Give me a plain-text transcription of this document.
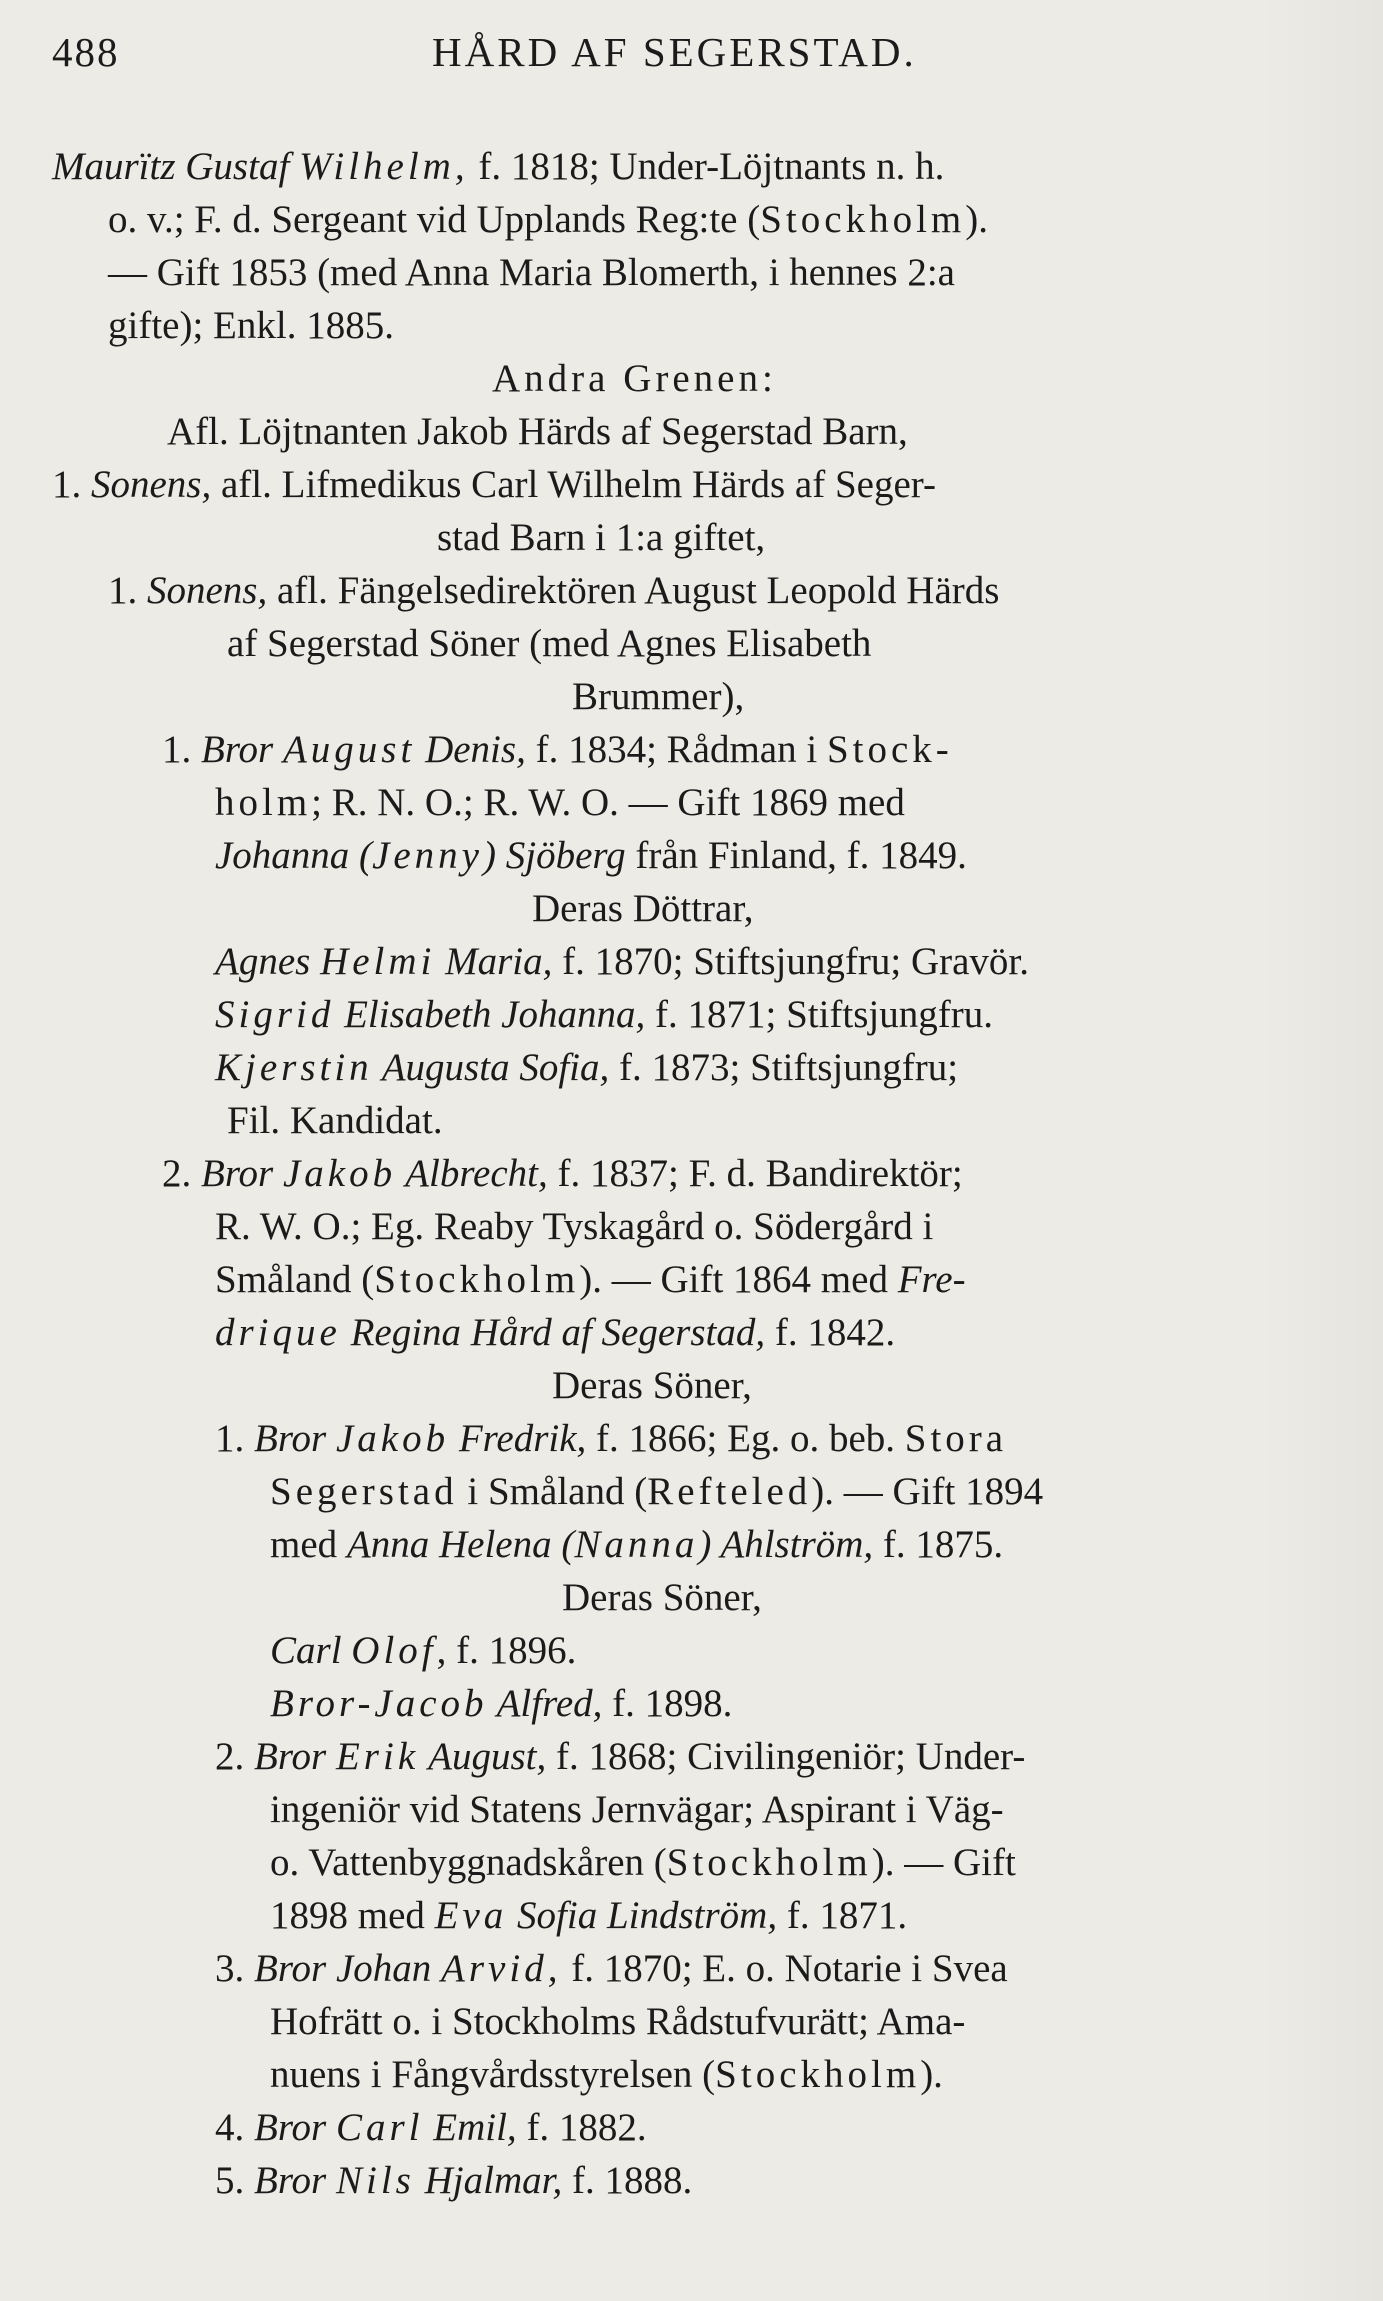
488	HÅRD AF SEGERSTAD.
Maurïtz Gustaf Wilhelm, f. 1818; Under-Löjtnants n. h.
o. v.; F. d. Sergeant vid Upplands Reg:te (Stockholm).
— Gift 1853 (med Anna Maria Blomerth, i hennes 2:a
gifte); Enkl. 1885.
Andra Grenen:
Afl. Löjtnanten Jakob Härds af Segerstad Barn,
1. Sonens, afl. Lifmedikus Carl Wilhelm Härds af Seger-
stad Barn i 1:a giftet,
1. Sonens, afl. Fängelsedirektören August Leopold Härds
af Segerstad Söner (med Agnes Elisabeth
Brummer),
1. Bror August Denis, f. 1834; Rådman i Stock-
holm; R. N. O.; R. W. O. — Gift 1869 med
Johanna (Jenny) Sjöberg från Finland, f. 1849.
Deras Döttrar,
Agnes Helmi Maria, f. 1870; Stiftsjungfru; Gravör.
Sigrid Elisabeth Johanna, f. 1871; Stiftsjungfru.
Kjerstin Augusta Sofia, f. 1873; Stiftsjungfru;
Fil. Kandidat.
2. Bror Jakob Albrecht, f. 1837; F. d. Bandirektör;
R. W. O.; Eg. Reaby Tyskagård o. Södergård i
Småland (Stockholm). — Gift 1864 med Fre-
drique Regina Hård af Segerstad, f. 1842.
Deras Söner,
1. Bror Jakob Fredrik, f. 1866; Eg. o. beb. Stora
Segerstad i Småland (Refteled). — Gift 1894
med Anna Helena (Nanna) Ahlström, f. 1875.
Deras Söner,
Carl Olof, f. 1896.
Bror-Jacob Alfred, f. 1898.
2. Bror Erik August, f. 1868; Civilingeniör; Under-
ingeniör vid Statens Jernvägar; Aspirant i Väg-
o. Vattenbyggnadskåren (Stockholm). — Gift
1898 med Eva Sofia Lindström, f. 1871.
3. Bror Johan Arvid, f. 1870; E. o. Notarie i Svea
Hofrätt o. i Stockholms Rådstufvurätt; Ama-
nuens i Fångvårdsstyrelsen (Stockholm).
4. Bror Carl Emil, f. 1882.
5. Bror Nils Hjalmar, f. 1888.
